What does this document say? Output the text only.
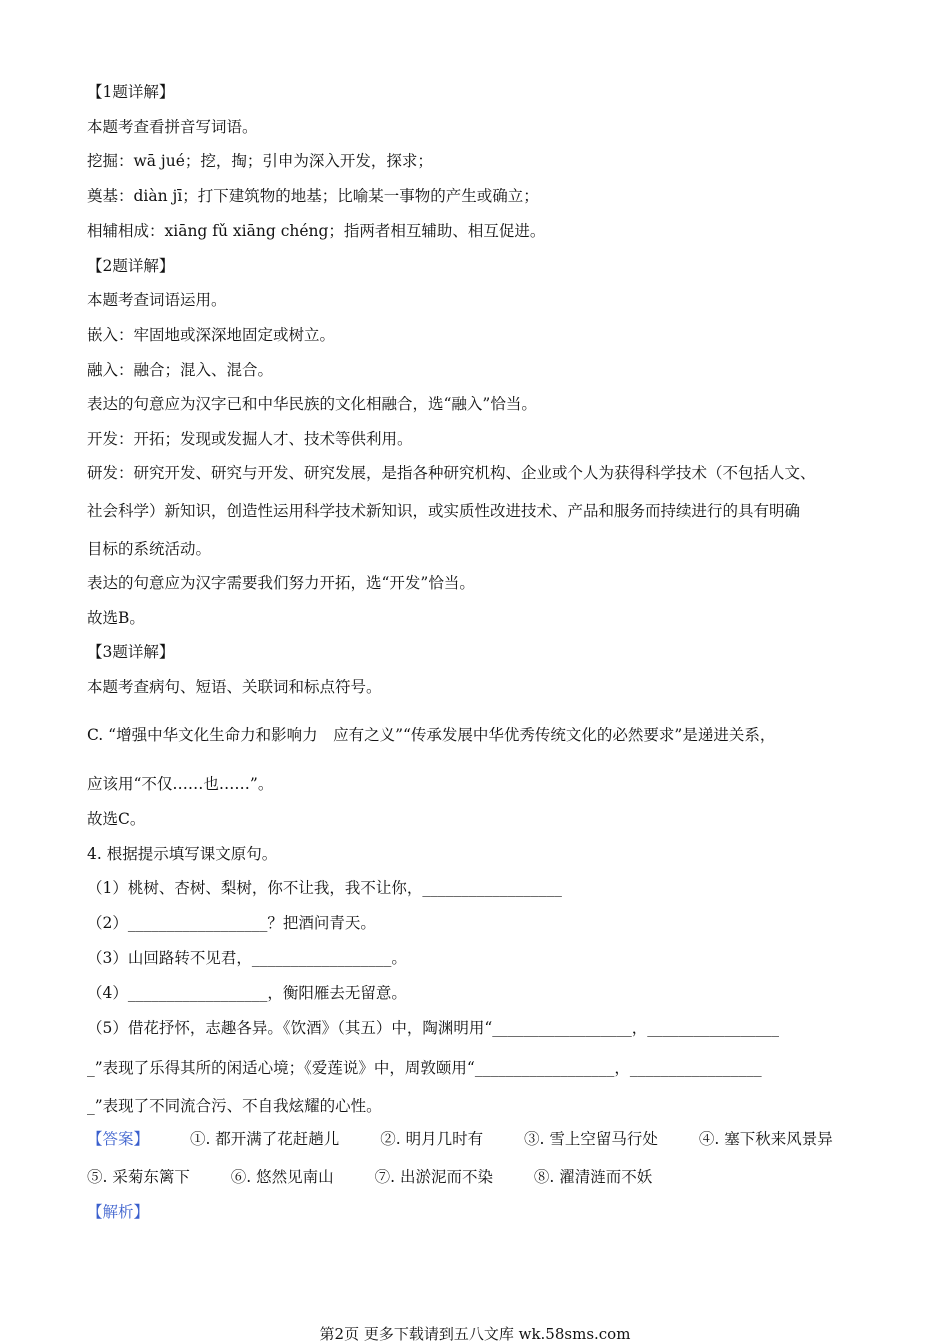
【1题详解】
本题考查看拼音写词语。
挖掘：wā jué；挖，掏；引申为深入开发，探求；
奠基：diàn jī；打下建筑物的地基；比喻某一事物的产生或确立；
相辅相成：xiāng fǔ xiāng chéng；指两者相互辅助、相互促进。
【2题详解】
本题考查词语运用。
嵌入：牢固地或深深地固定或树立。
融入：融合；混入、混合。
表达的句意应为汉字已和中华民族的文化相融合，选“融入”恰当。
开发：开拓；发现或发掘人才、技术等供利用。
研发：研究开发、研究与开发、研究发展，是指各种研究机构、企业或个人为获得科学技术（不包括人文、
社会科学）新知识，创造性运用科学技术新知识，或实质性改进技术、产品和服务而持续进行的具有明确
目标的系统活动。
表达的句意应为汉字需要我们努力开拓，选“开发”恰当。
故选B。
【3题详解】
本题考查病句、短语、关联词和标点符号。
C. “增强中华文化生命力和影响力　应有之义”“传承发展中华优秀传统文化的必然要求”是递进关系，
应该用“不仅……也……”。
故选C。
4. 根据提示填写课文原句。
（1）桃树、杏树、梨树，你不让我，我不让你，__________________
（2）__________________？把酒问青天。
（3）山回路转不见君，__________________。
（4）__________________，衡阳雁去无留意。
（5）借花抒怀，志趣各异。《饮酒》（其五）中，陶渊明用“__________________，_________________
_”表现了乐得其所的闲适心境；《爱莲说》中，周敦颐用“__________________，_________________
_”表现了不同流合污、不自我炫耀的心性。
【答案】	①. 都开满了花赶趟儿	②. 明月几时有	③. 雪上空留马行处	④. 塞下秋来风景异
⑤. 采菊东篱下	⑥. 悠然见南山	⑦. 出淤泥而不染	⑧. 濯清涟而不妖
【解析】
第2页 更多下载请到五八文库 wk.58sms.com
